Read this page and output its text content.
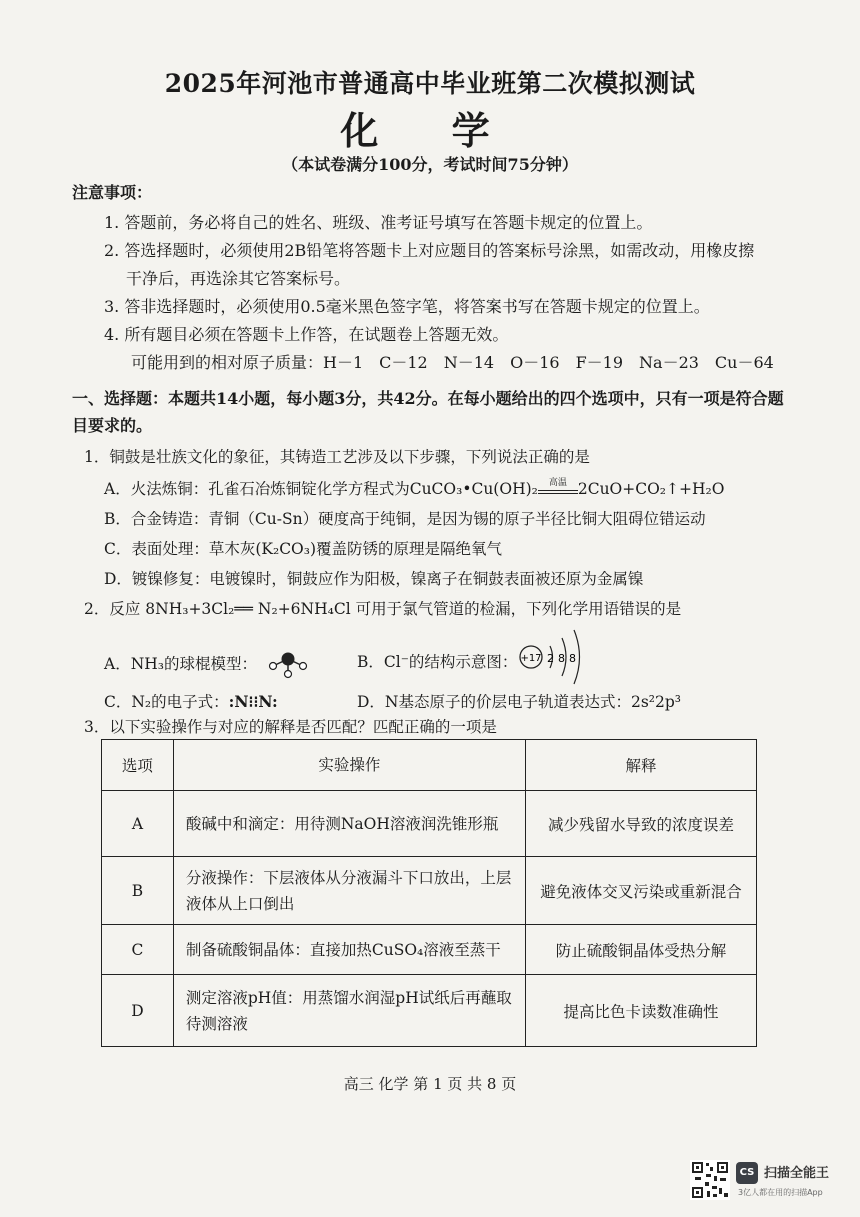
2025年河池市普通高中毕业班第二次模拟测试
化 学
（本试卷满分100分，考试时间75分钟）
注意事项：
1. 答题前，务必将自己的姓名、班级、准考证号填写在答题卡规定的位置上。
2. 答选择题时，必须使用2B铅笔将答题卡上对应题目的答案标号涂黑，如需改动，用橡皮擦
干净后，再选涂其它答案标号。
3. 答非选择题时，必须使用0.5毫米黑色签字笔，将答案书写在答题卡规定的位置上。
4. 所有题目必须在答题卡上作答，在试题卷上答题无效。
可能用到的相对原子质量：H－1　C－12　N－14　O－16　F－19　Na－23　Cu－64
一、选择题：本题共14小题，每小题3分，共42分。在每小题给出的四个选项中，只有一项是符合题目要求的。
1．铜鼓是壮族文化的象征，其铸造工艺涉及以下步骤，下列说法正确的是
A．火法炼铜：孔雀石冶炼铜锭化学方程式为CuCO₃•Cu(OH)₂	高温 2CuO+CO₂↑+H₂O
B．合金铸造：青铜（Cu-Sn）硬度高于纯铜，是因为锡的原子半径比铜大阻碍位错运动
C．表面处理：草木灰(K₂CO₃)覆盖防锈的原理是隔绝氧气
D．镀镍修复：电镀镍时，铜鼓应作为阳极，镍离子在铜鼓表面被还原为金属镍
2．反应 8NH₃+3Cl₂══ N₂+6NH₄Cl 可用于氯气管道的检漏，下列化学用语错误的是
A．NH₃的球棍模型：	B．Cl⁻的结构示意图： +17 2 8 8
C．N₂的电子式：:N⁝⁝N:	D．N基态原子的价层电子轨道表达式：2s²2p³
3．以下实验操作与对应的解释是否匹配？匹配正确的一项是
选项	实验操作	解释
A	酸碱中和滴定：用待测NaOH溶液润洗锥形瓶	减少残留水导致的浓度误差
B	分液操作：下层液体从分液漏斗下口放出，上层液体从上口倒出	避免液体交叉污染或重新混合
C	制备硫酸铜晶体：直接加热CuSO₄溶液至蒸干	防止硫酸铜晶体受热分解
D	测定溶液pH值：用蒸馏水润湿pH试纸后再蘸取待测溶液	提高比色卡读数准确性
高三 化学 第 1 页 共 8 页
CS 扫描全能王
3亿人都在用的扫描App
